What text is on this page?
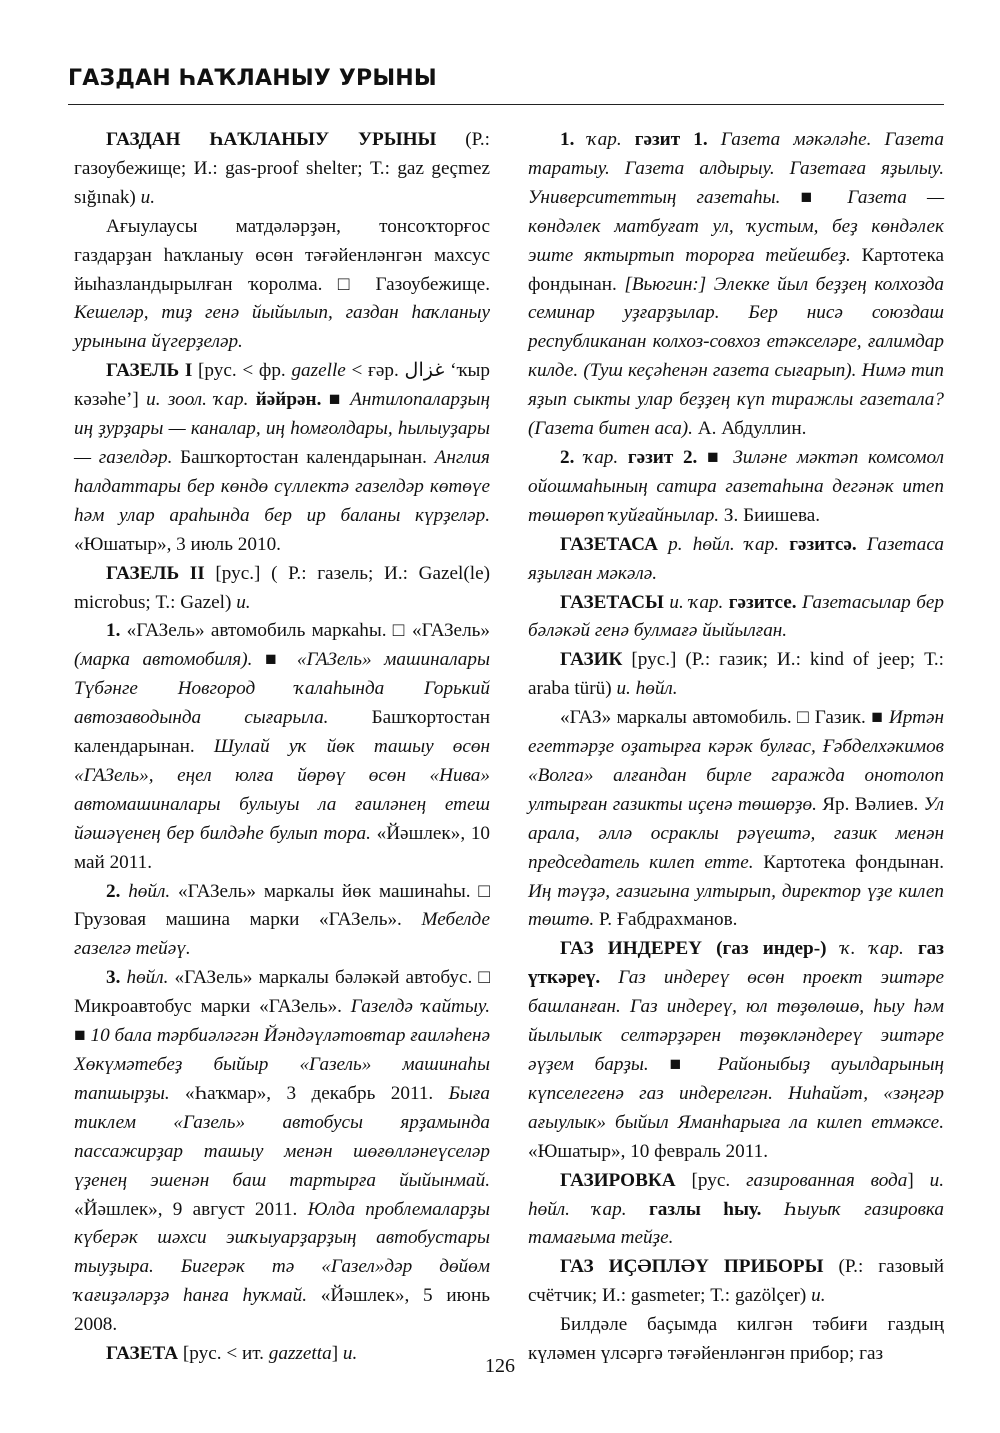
ГАЗДАН ҺАҠЛАНЫУ УРЫНЫ

ГАЗДАН ҺАҠЛАНЫУ УРЫНЫ (Р.: газоубежище; И.: gas-proof shelter; Т.: gaz geçmez sığınak) и.

Ағыулаусы матдәләрҙән, тонсоҡторғос газдарҙан һаҡланыу өсөн тәғәйенләнгән махсус йыһазландырылған ҡоролма. □ Газоубежище. Кешеләр, тиҙ генә йыйылып, газдан һаҡланыу урынына йүгерҙеләр.

ГАЗЕЛЬ I [рус. < фр. gazelle < ғәр. غزال ‘ҡыр кәзәһе’] и. зоол. ҡар. йәйрән. ■ Антилопаларҙың иң ҙурҙары — каналар, иң һомғолдары, һылыуҙары — газелдәр. Башҡортостан календарынан. Англия һалдаттары бер көндө сүллектә газелдәр көтөүе һәм улар араһында бер ир баланы күрҙеләр. «Юшатыр», 3 июль 2010.

ГАЗЕЛЬ II [рус.] ( Р.: газель; И.: Gazel(le) microbus; Т.: Gazel) и.

1. «ГАЗель» автомобиль маркаһы. □ «ГАЗель» (марка автомобиля). ■ «ГАЗель» машиналары Түбәнге Новгород ҡалаһында Горький автозаводында сығарыла. Башҡортостан календарынан. Шулай уҡ йөк ташыу өсөн «ГАЗель», еңел юлға йөрөү өсөн «Нива» автомашиналары булыуы ла ғаиләнең етеш йәшәүенең бер билдәһе булып тора. «Йәшлек», 10 май 2011.

2. һөйл. «ГАЗель» маркалы йөк машинаһы. □ Грузовая машина марки «ГАЗель». Мебелде газелгә тейәү.

3. һөйл. «ГАЗель» маркалы бәләкәй автобус. □ Микроавтобус марки «ГАЗель». Газелдә ҡайтыу. ■ 10 бала тәрбиәләгән Йәндәүләтовтар ғаиләһенә Хөкүмәтебеҙ быйыр «Газель» машинаһы тапшырҙы. «Һаҡмар», 3 декабрь 2011. Быға тиклем «Газель» автобусы ярҙамында пассажирҙар ташыу менән шөғөлләнеүселәр үҙенең эшенән баш тартырға йыйынмай. «Йәшлек», 9 август 2011. Юлда проблемаларҙы күберәк шәхси эшҡыуарҙарҙың автобустары тыуҙыра. Бигерәк тә «Газел»дәр дөйөм ҡағиҙәләрҙә һанға һуҡмай. «Йәшлек», 5 июнь 2008.

ГАЗЕТА [рус. < ит. gazzetta] и.

1. ҡар. гәзит 1. Газета мәкәләһе. Газета таратыу. Газета алдырыу. Газетаға яҙылыу. Университеттың газетаһы. ■ Газета — көндәлек матбуғат ул, ҡустым, беҙ көндәлек эште яктыртып торорға тейешбеҙ. Картотека фондынан. [Вьюгин:] Элекке йыл беҙҙең колхозда семинар уҙғарҙылар. Бер нисә союздаш республиканан колхоз-совхоз етәкселәре, ғалимдар килде. (Туш кеҫәһенән газета сығарып). Нимә тип яҙып сыкты улар беҙҙең күп тиражлы газетала? (Газета битен аса). А. Абдуллин.

2. ҡар. гәзит 2. ■ Зиләне мәктәп комсомол ойошмаһының сатира газетаһына дегәнәк итеп төшөрөп ҡуйғайнылар. З. Биишева.

ГАЗЕТАСА р. һөйл. ҡар. гәзитсә. Газетаса яҙылған мәкәлә.

ГАЗЕТАСЫ и. ҡар. гәзитсе. Газетасылар бер бәләкәй генә булмағә йыйылған.

ГАЗИК [рус.] (Р.: газик; И.: kind of jeep; Т.: araba türü) и. һөйл.

«ГАЗ» маркалы автомобиль. □ Газик. ■ Иртән егеттәрҙе оҙатырға кәрәк булғас, Ғәбделхәкимов «Волга» алғандан бирле гаражда онотолоп ултырған газикты иҫенә төшөрҙө. Яр. Вәлиев. Ул арала, әллә осраклы рәүештә, газик менән председатель килеп етте. Картотека фондынан. Иң тәүҙә, газигына ултырып, директор үҙе килеп төштө. Р. Ғабдрахманов.

ГАЗ ИНДЕРЕҮ (газ индер-) ҡ. ҡар. газ үткәреү. Газ индереү өсөн проект эштәре башланған. Газ индереү, юл төҙөлөшө, һыу һәм йылылык селтәрҙәрен төҙөкләндереү эштәре әүҙем барҙы. ■ Районыбыҙ ауылдарының күпселегенә газ индерелгән. Ниһайәт, «зәңгәр ағыулык» быйыл Яманһарыға ла килеп етмәксе. «Юшатыр», 10 февраль 2011.

ГАЗИРОВКА [рус. газированная вода] и. һөйл. ҡар. газлы һыу. Һыуыҡ газировка тамағыма тейҙе.

ГАЗ ИҪӘПЛӘҮ ПРИБОРЫ (Р.: газовый счётчик; И.: gasmeter; Т.: gazölçer) и.

Билдәле баҫымда килгән тәбиғи газдың күләмен үлсәргә тәғәйенләнгән прибор; газ

126
